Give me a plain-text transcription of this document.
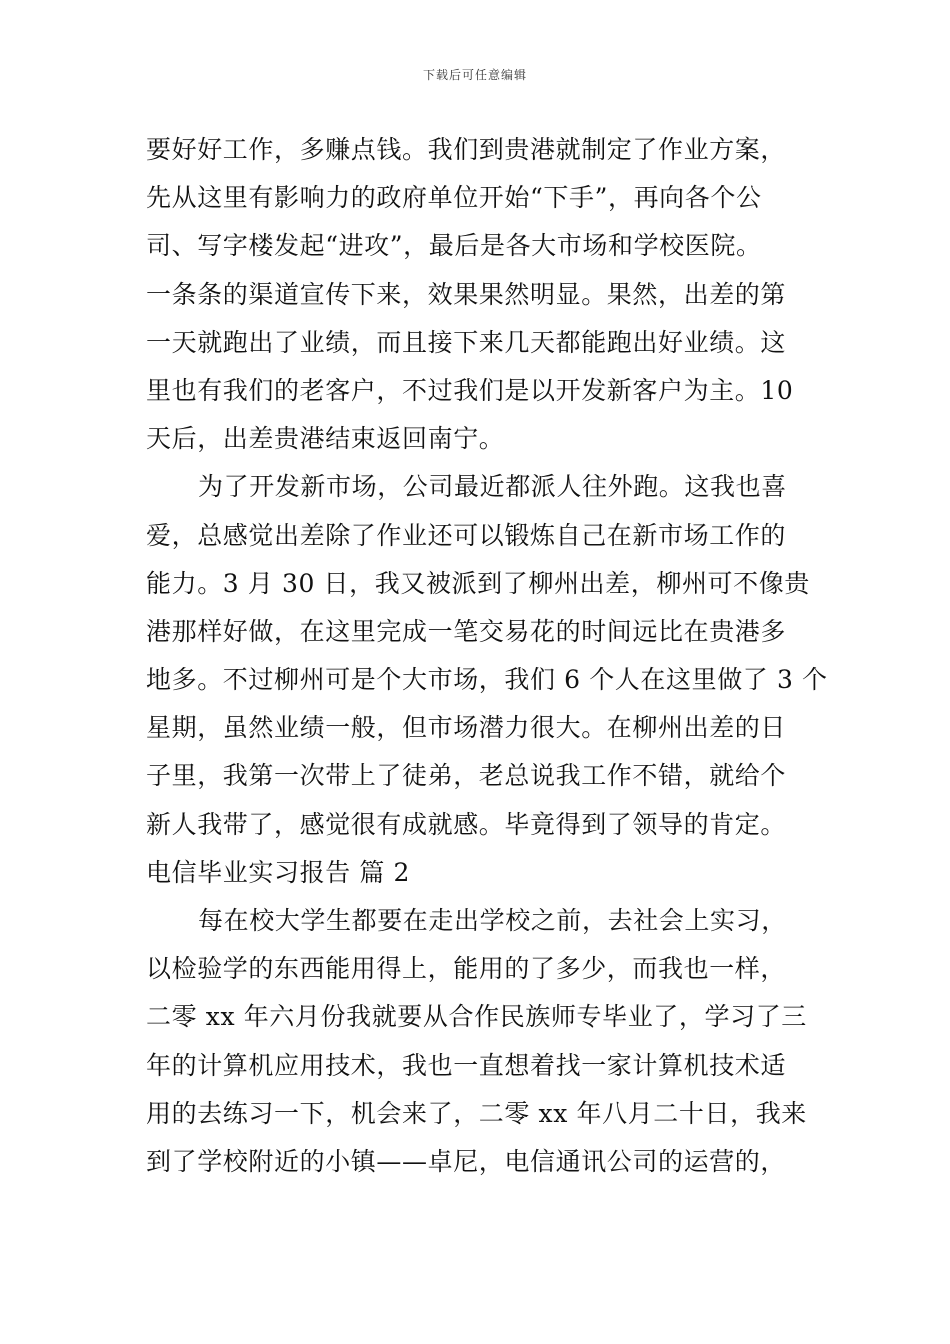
下载后可任意编辑
要好好工作，多赚点钱。我们到贵港就制定了作业方案，
先从这里有影响力的政府单位开始“下手”，再向各个公
司、写字楼发起“进攻”，最后是各大市场和学校医院。
一条条的渠道宣传下来，效果果然明显。果然，出差的第
一天就跑出了业绩，而且接下来几天都能跑出好业绩。这
里也有我们的老客户，不过我们是以开发新客户为主。10
天后，出差贵港结束返回南宁。
为了开发新市场，公司最近都派人往外跑。这我也喜
爱，总感觉出差除了作业还可以锻炼自己在新市场工作的
能力。3 月 30 日，我又被派到了柳州出差，柳州可不像贵
港那样好做，在这里完成一笔交易花的时间远比在贵港多
地多。不过柳州可是个大市场，我们 6 个人在这里做了 3 个
星期，虽然业绩一般，但市场潜力很大。在柳州出差的日
子里，我第一次带上了徒弟，老总说我工作不错，就给个
新人我带了，感觉很有成就感。毕竟得到了领导的肯定。
电信毕业实习报告 篇 2
每在校大学生都要在走出学校之前，去社会上实习，
以检验学的东西能用得上，能用的了多少，而我也一样，
二零 xx 年六月份我就要从合作民族师专毕业了，学习了三
年的计算机应用技术，我也一直想着找一家计算机技术适
用的去练习一下，机会来了，二零 xx 年八月二十日，我来
到了学校附近的小镇——卓尼，电信通讯公司的运营的，
